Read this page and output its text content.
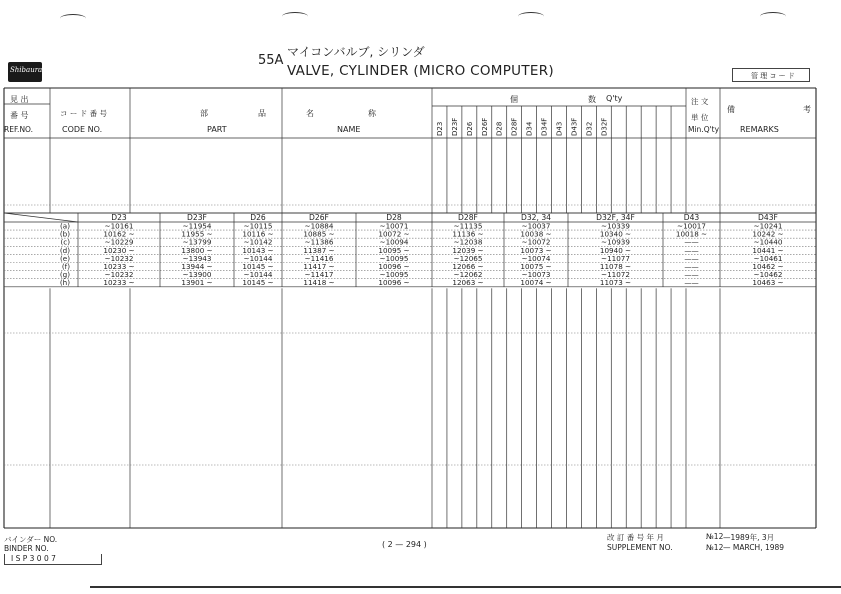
Shibaura
55A
マイコンバルブ, シリンダ
VALVE, CYLINDER (MICRO COMPUTER)	管 理 コ ー ド
D23 D23F D26 D26F D28 D28F D34 D34F D43 D43F D32 D32F
D23	D23F	D26	D26F	D28	D28F	D32, 34	D32F, 34F	D43	D43F
(a)	~10161	~11954	~10115	~10884	~10071	~11135	~10037	~10339	~10017	~10241
(b)	10162 ~	11955 ~	10116 ~	10885 ~	10072 ~	11136 ~	10038 ~	10340 ~	10018 ~	10242 ~
(c)	~10229	~13799	~10142	~11386	~10094	~12038	~10072	~10939	——	~10440
(d)	10230 ~	13800 ~	10143 ~	11387 ~	10095 ~	12039 ~	10073 ~	10940 ~	——	10441 ~
(e)	~10232	~13943	~10144	~11416	~10095	~12065	~10074	~11077	——	~10461
(f)	10233 ~	13944 ~	10145 ~	11417 ~	10096 ~	12066 ~	10075 ~	11078 ~	——	10462 ~
(g)	~10232	~13900	~10144	~11417	~10095	~12062	~10073	~11072	——	~10462
(h)	10233 ~	13901 ~	10145 ~	11418 ~	10096 ~	12063 ~	10074 ~	11073 ~	——	10463 ~
見 出
番 号
REF.NO.
コ ー ド 番 号
CODE NO.
部	品	名	称
PART	NAME
個	数 Q'ty	注 文
単 位
Min.Q'ty
備	考
REMARKS
バインダー NO.
BINDER NO.
I S P 3 0 0 7
( 2 — 294 )
改 訂 番 号 年 月
SUPPLEMENT NO.
№12 —1989年, 3月
№12 — MARCH, 1989
